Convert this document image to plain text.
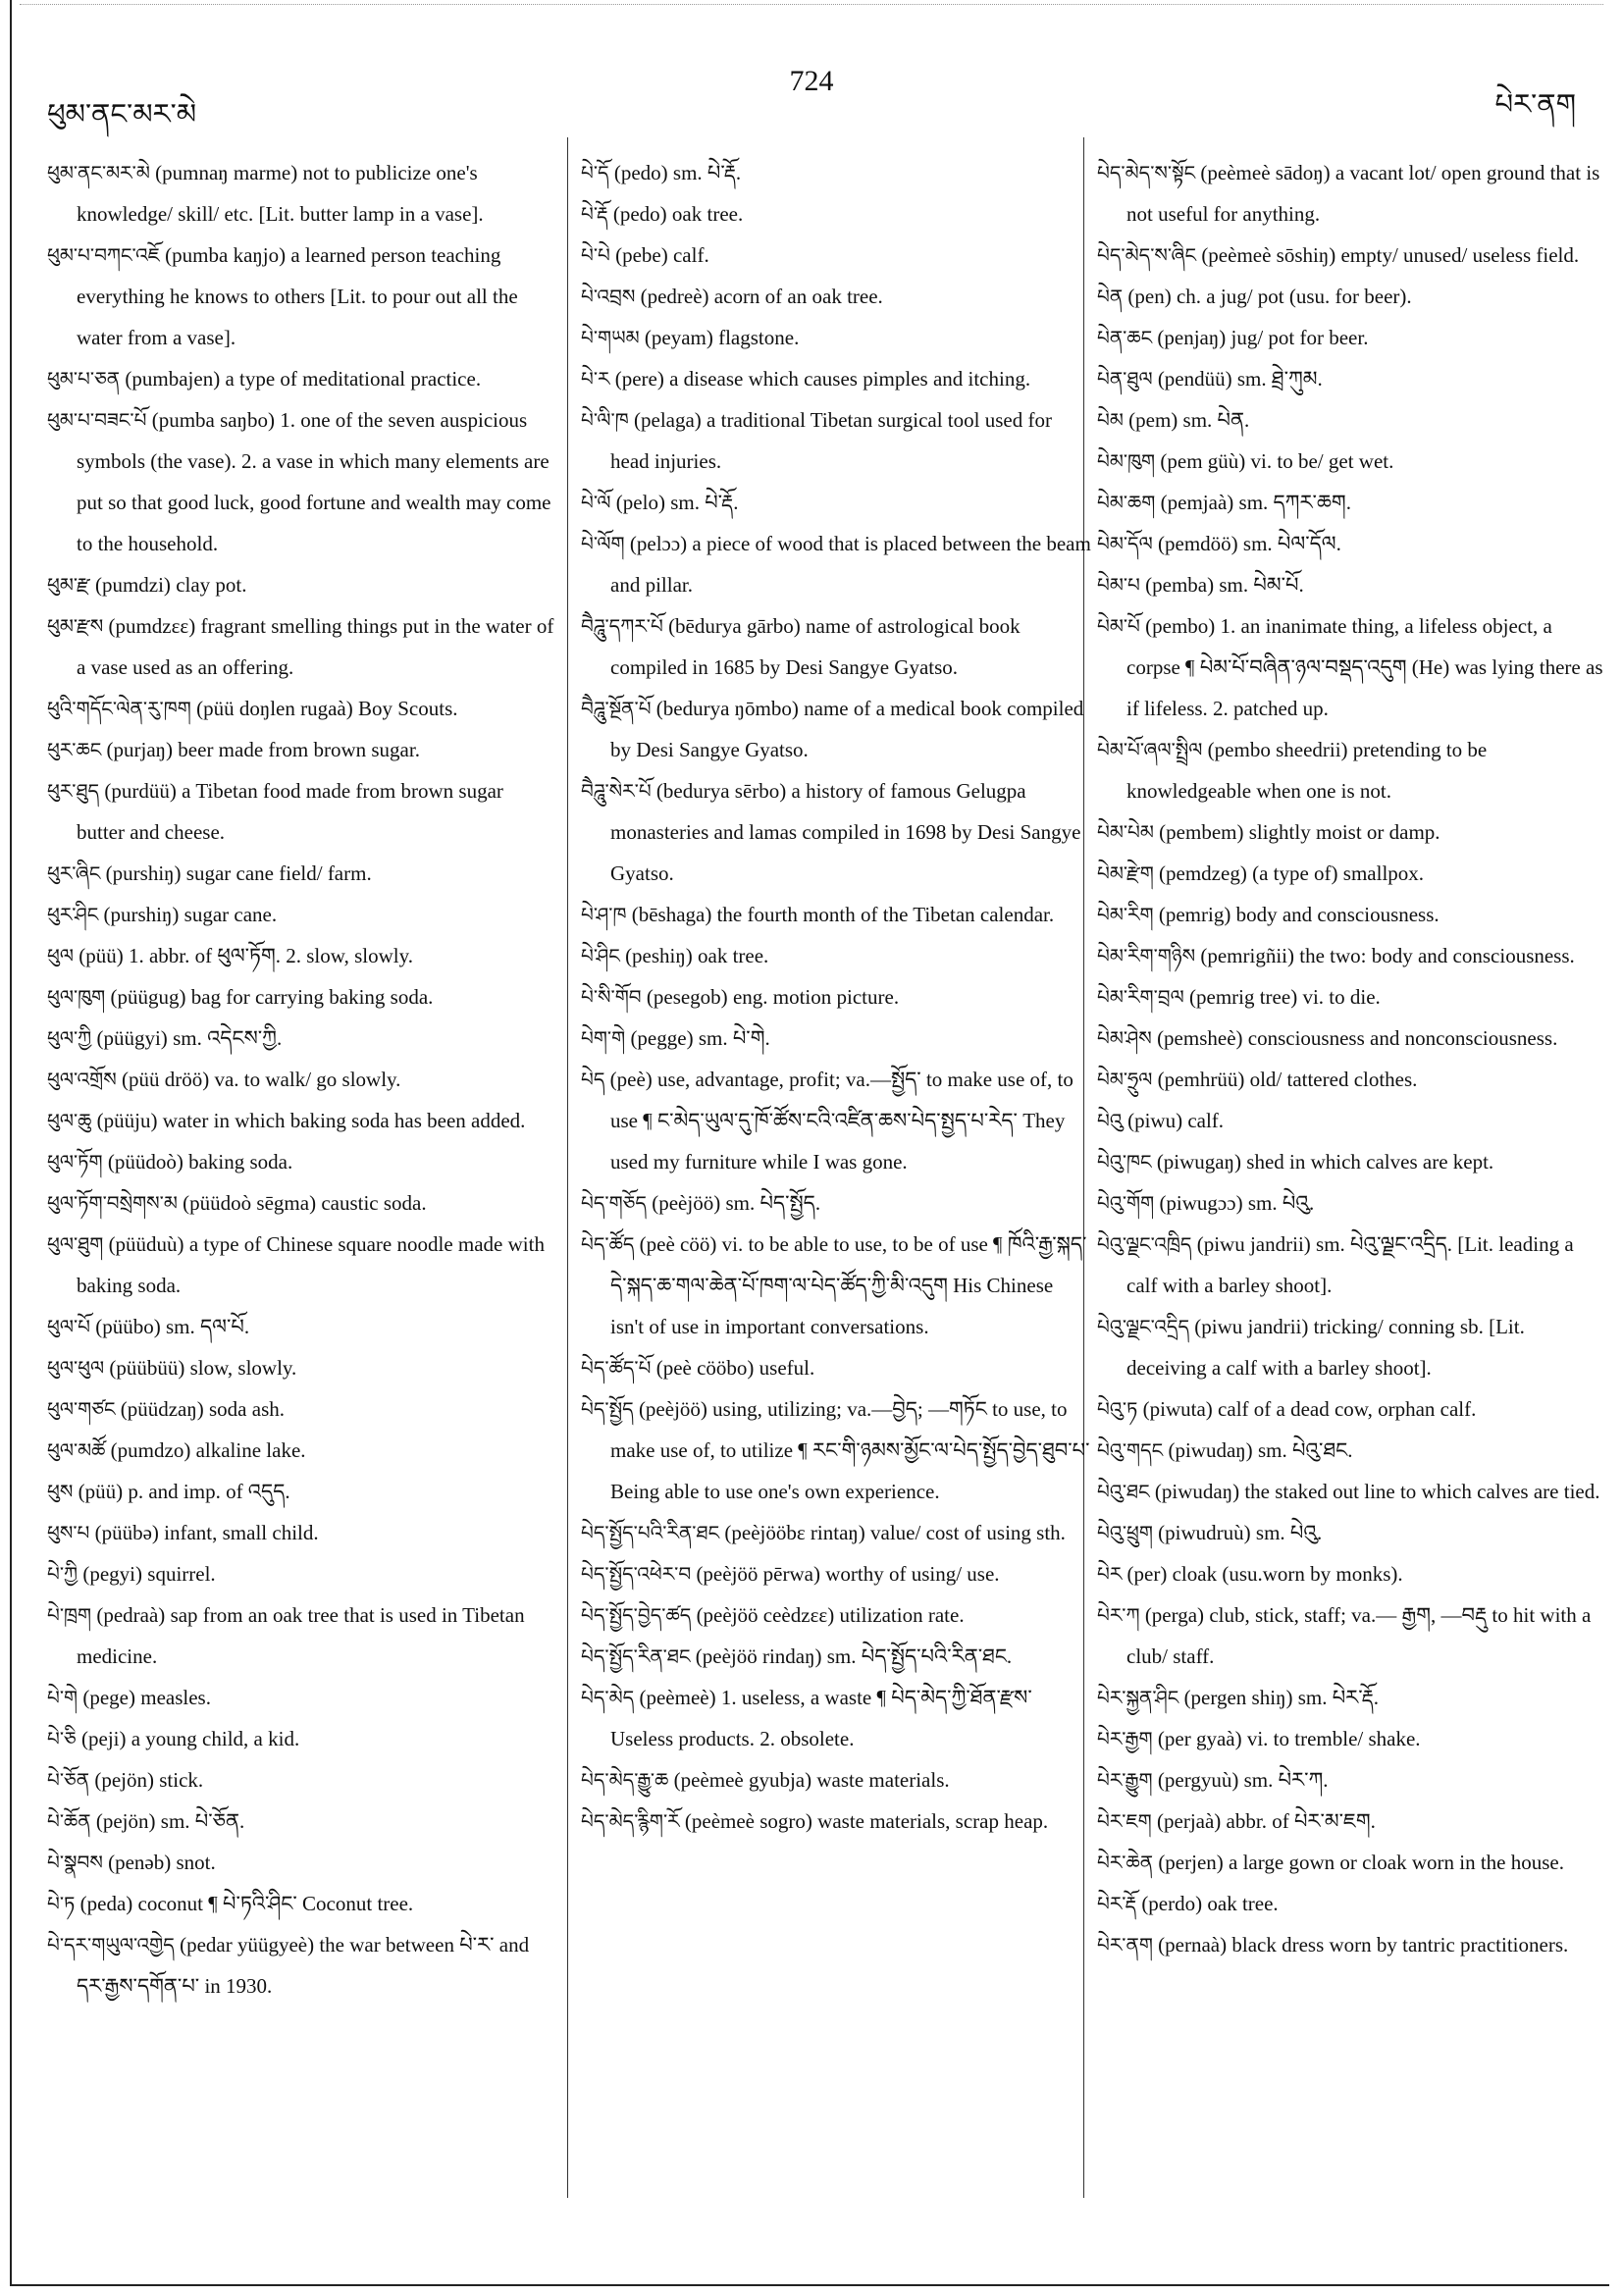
ཕུམ་ནང་མར་མེ
724
པེར་ནག

ཕུམ་ནང་མར་མེ (pumnaŋ marme) not to publicize one's knowledge/ skill/ etc. [Lit. butter lamp in a vase].

ཕུམ་པ་བཀང་འཇོ (pumba kaŋjo) a learned person teaching everything he knows to others [Lit. to pour out all the water from a vase].

ཕུམ་པ་ཅན (pumbajen) a type of meditational practice.

ཕུམ་པ་བཟང་པོ (pumba saŋbo) 1. one of the seven auspicious symbols (the vase). 2. a vase in which many elements are put so that good luck, good fortune and wealth may come to the household.

ཕུམ་རྫ (pumdzi) clay pot.

ཕུམ་རྫས (pumdzɛɛ) fragrant smelling things put in the water of a vase used as an offering.

ཕུའི་གདོང་ལེན་རུ་ཁག (püü doŋlen rugaà) Boy Scouts.

ཕུར་ཆང (purjaŋ) beer made from brown sugar.

ཕུར་ཐུད (purdüü) a Tibetan food made from brown sugar butter and cheese.

ཕུར་ཞིང (purshiŋ) sugar cane field/ farm.

ཕུར་ཤིང (purshiŋ) sugar cane.

ཕུལ (püü) 1. abbr. of ཕུལ་ཏོག. 2. slow, slowly.

ཕུལ་ཁུག (püügug) bag for carrying baking soda.

ཕུལ་ཀྱི (püügyi) sm. འདེངས་ཀྱི.

ཕུལ་འགྲོས (püü dröö) va. to walk/ go slowly.

ཕུལ་ཆུ (püüju) water in which baking soda has been added.

ཕུལ་ཏོག (püüdoò) baking soda.

ཕུལ་ཏོག་བསྲེགས་མ (püüdoò sēgma) caustic soda.

ཕུལ་ཐུག (püüduù) a type of Chinese square noodle made with baking soda.

ཕུལ་པོ (püübo) sm. དལ་པོ.

ཕུལ་ཕུལ (püübüü) slow, slowly.

ཕུལ་གཙང (püüdzaŋ) soda ash.

ཕུལ་མཚོ (pumdzo) alkaline lake.

ཕུས (püü) p. and imp. of འདུད.

ཕུས་པ (püübə) infant, small child.

པེ་ཀྱི (pegyi) squirrel.

པེ་ཁྲག (pedraà) sap from an oak tree that is used in Tibetan medicine.

པེ་གེ (pege) measles.

པེ་ཅི (peji) a young child, a kid.

པེ་ཅོན (pejön) stick.

པེ་ཆོན (pejön) sm. པེ་ཅོན.

པེ་སྣབས (penəb) snot.

པེ་ཏ (peda) coconut ¶ པེ་ཏའི་ཤིང་ Coconut tree.

པེ་དར་གཡུལ་འགྱེད (pedar yüügyeè) the war between པེ་ར་ and དར་རྒྱས་དགོན་པ་ in 1930.

པེ་དོ (pedo) sm. པེ་རྡོ.

པེ་རྡོ (pedo) oak tree.

པེ་པེ (pebe) calf.

པེ་འབྲས (pedreè) acorn of an oak tree.

པེ་གཡམ (peyam) flagstone.

པེ་ར (pere) a disease which causes pimples and itching.

པེ་ལི་ཁ (pelaga) a traditional Tibetan surgical tool used for head injuries.

པེ་ལོ (pelo) sm. པེ་རྡོ.

པེ་ལོག (pelɔɔ) a piece of wood that is placed between the beam and pillar.

བཻཌཱུ་དཀར་པོ (bēdurya gārbo) name of astrological book compiled in 1685 by Desi Sangye Gyatso.

བཻཌཱུ་སྔོན་པོ (bedurya ŋōmbo) name of a medical book compiled by Desi Sangye Gyatso.

བཻཌཱུ་སེར་པོ (bedurya sērbo) a history of famous Gelugpa monasteries and lamas compiled in 1698 by Desi Sangye Gyatso.

པེ་ཤ་ཁ (bēshaga) the fourth month of the Tibetan calendar.

པེ་ཤིང (peshiŋ) oak tree.

པེ་སི་གོབ (pesegob) eng. motion picture.

པེག་གེ (pegge) sm. པེ་གེ.

པེད (peè) use, advantage, profit; va.—སྤྱོད་ to make use of, to use ¶ ང་མེད་ཡུལ་དུ་ཁོ་ཚོས་ངའི་འཛིན་ཆས་པེད་སྤྱད་པ་རེད་ They used my furniture while I was gone.

པེད་གཅོད (peèjöö) sm. པེད་སྤྱོད.

པེད་ཚོད (peè cöö) vi. to be able to use, to be of use ¶ ཁོའི་རྒྱ་སྐད་དེ་སྐད་ཆ་གལ་ཆེན་པོ་ཁག་ལ་པེད་ཚོད་ཀྱི་མི་འདུག His Chinese isn't of use in important conversations.

པེད་ཚོད་པོ (peè cööbo) useful.

པེད་སྤྱོད (peèjöö) using, utilizing; va.—བྱེད; —གཏོང to use, to make use of, to utilize ¶ རང་གི་ཉམས་མྱོང་ལ་པེད་སྤྱོད་བྱེད་ཐུབ་པ་ Being able to use one's own experience.

པེད་སྤྱོད་པའི་རིན་ཐང (peèjööbɛ rintaŋ) value/ cost of using sth.

པེད་སྤྱོད་འཕེར་བ (peèjöö pērwa) worthy of using/ use.

པེད་སྤྱོད་བྱེད་ཚད (peèjöö ceèdzɛɛ) utilization rate.

པེད་སྤྱོད་རིན་ཐང (peèjöö rindaŋ) sm. པེད་སྤྱོད་པའི་རིན་ཐང.

པེད་མེད (peèmeè) 1. useless, a waste ¶ པེད་མེད་ཀྱི་ཐོན་རྫས་ Useless products. 2. obsolete.

པེད་མེད་རྒྱུ་ཆ (peèmeè gyubja) waste materials.

པེད་མེད་རྙིག་རོ (peèmeè sogro) waste materials, scrap heap.

པེད་མེད་ས་སྟོང (peèmeè sādoŋ) a vacant lot/ open ground that is not useful for anything.

པེད་མེད་ས་ཞིང (peèmeè sōshiŋ) empty/ unused/ useless field.

པེན (pen) ch. a jug/ pot (usu. for beer).

པེན་ཆང (penjaŋ) jug/ pot for beer.

པེན་ཐུལ (pendüü) sm. ཐྲེ་ཀུམ.

པེམ (pem) sm. པེན.

པེམ་ཁུག (pem güù) vi. to be/ get wet.

པེམ་ཆག (pemjaà) sm. དཀར་ཆག.

པེམ་དོལ (pemdöö) sm. པེལ་དོལ.

པེམ་པ (pemba) sm. པེམ་པོ.

པེམ་པོ (pembo) 1. an inanimate thing, a lifeless object, a corpse ¶ པེམ་པོ་བཞིན་ཉལ་བསྡད་འདུག (He) was lying there as if lifeless. 2. patched up.

པེམ་པོ་ཞལ་སྤྲིལ (pembo sheedrii) pretending to be knowledgeable when one is not.

པེམ་པེམ (pembem) slightly moist or damp.

པེམ་རྫེག (pemdzeg) (a type of) smallpox.

པེམ་རིག (pemrig) body and consciousness.

པེམ་རིག་གཉིས (pemrigñii) the two: body and consciousness.

པེམ་རིག་བྲལ (pemrig tree) vi. to die.

པེམ་ཤེས (pemsheè) consciousness and nonconsciousness.

པེམ་ཧྲུལ (pemhrüü) old/ tattered clothes.

པེའུ (piwu) calf.

པེའུ་ཁང (piwugaŋ) shed in which calves are kept.

པེའུ་གོག (piwugɔɔ) sm. པེའུ.

པེའུ་ལྗང་འཁྲིད (piwu jandrii) sm. པེའུ་ལྗང་འདྲིད. [Lit. leading a calf with a barley shoot].

པེའུ་ལྗང་འདྲིད (piwu jandrii) tricking/ conning sb. [Lit. deceiving a calf with a barley shoot].

པེའུ་ཏ (piwuta) calf of a dead cow, orphan calf.

པེའུ་གདང (piwudaŋ) sm. པེའུ་ཐང.

པེའུ་ཐང (piwudaŋ) the staked out line to which calves are tied.

པེའུ་ཕྲུག (piwudruù) sm. པེའུ.

པེར (per) cloak (usu.worn by monks).

པེར་ཀ (perga) club, stick, staff; va.— རྒྱག, —བརྡུ to hit with a club/ staff.

པེར་སྐྱན་ཤིང (pergen shiŋ) sm. པེར་རྡོ.

པེར་རྒྱག (per gyaà) vi. to tremble/ shake.

པེར་རྒྱུག (pergyuù) sm. པེར་ཀ.

པེར་ཇག (perjaà) abbr. of པེར་མ་ཇག.

པེར་ཆེན (perjen) a large gown or cloak worn in the house.

པེར་རྡོ (perdo) oak tree.

པེར་ནག (pernaà) black dress worn by tantric practitioners.
